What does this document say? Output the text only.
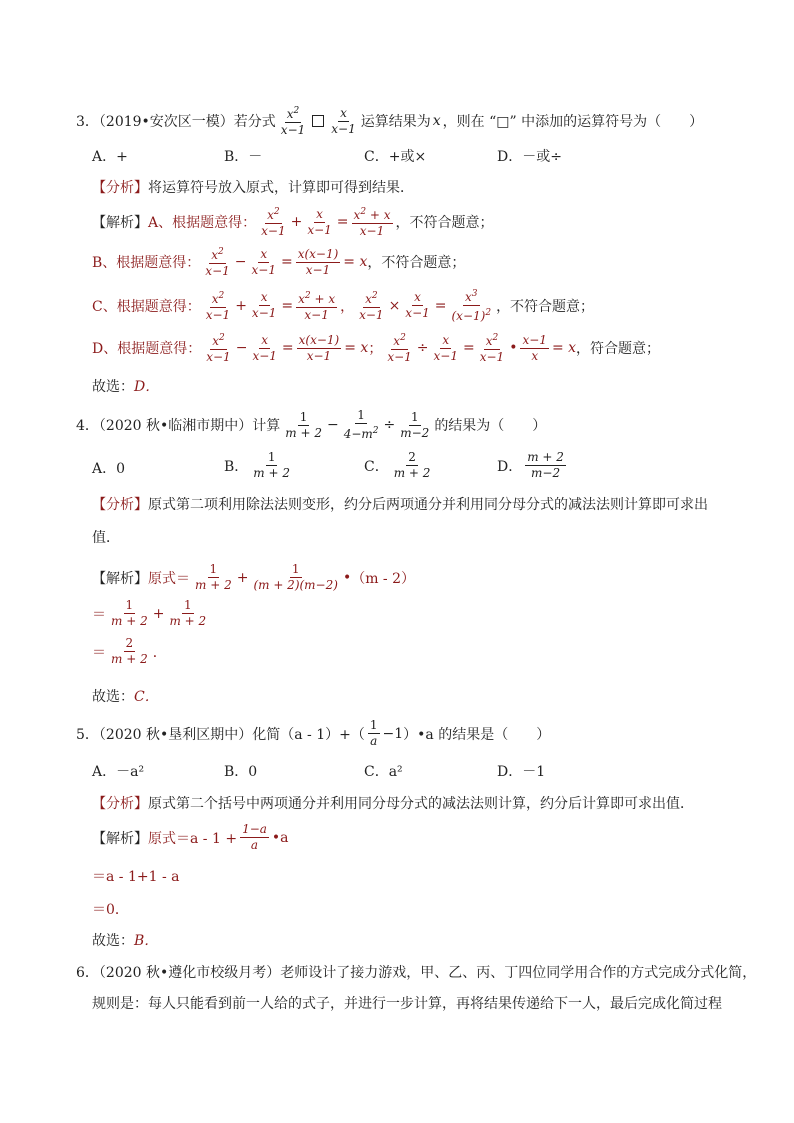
3．（2019•安次区一模）若分式 $\frac{x^2}{x-1} \frac{x}{x-1}$ 运算结果为 x ，则在 “□” 中添加的运算符号为（　　）
A．+	B．－	C．+或×	D．－或÷
【分析】 将运算符号放入原式，计算即可得到结果．
【解析】 A、根据题意得： $\frac{x^2}{x-1} + \frac{x}{x-1} = \frac{x^2 + x}{x-1}$ ，不符合题意；
B、根据题意得： $\frac{x^2}{x-1} - \frac{x}{x-1} = \frac{x(x-1)}{x-1} = x$ ，不符合题意；
C、根据题意得： $\frac{x^2}{x-1} + \frac{x}{x-1} = \frac{x^2 + x}{x-1}$ ， $\frac{x^2}{x-1} \times \frac{x}{x-1} = \frac{x^3}{(x-1)^2}$ ，不符合题意；
D、根据题意得： $\frac{x^2}{x-1} - \frac{x}{x-1} = \frac{x(x-1)}{x-1} = x$ ； $\frac{x^2}{x-1} \div \frac{x}{x-1} = \frac{x^2}{x-1}$ • $\frac{x-1}{x} = x$ ，符合题意；
故选： D．
4．（2020 秋•临湘市期中）计算 $\frac{1}{m + 2} - \frac{1}{4-m^2} \div \frac{1}{m-2}$ 的结果为（　　）
A．0	B． $\frac{1}{m + 2}$	C． $\frac{2}{m + 2}$	D． $\frac{m + 2}{m-2}$
【分析】 原式第二项利用除法法则变形，约分后两项通分并利用同分母分式的减法法则计算即可求出
值．
【解析】 原式＝ $\frac{1}{m + 2} + \frac{1}{(m + 2)(m-2)}$ • （m - 2）
＝ $\frac{1}{m + 2} + \frac{1}{m + 2}$
＝ $\frac{2}{m + 2}$ ．
故选： C．
5．（2020 秋•垦利区期中）化简$(a - 1)+( \frac{1}{a} -1$ ）•a 的结果是（　　）
A．－a²	B．0	C．a²	D．－1
【分析】 原式第二个括号中两项通分并利用同分母分式的减法法则计算，约分后计算即可求出值．
【解析】 原式$=a - 1 + \frac{1-a}{a}$ •a
＝a - 1+1 - a
＝0．
故选： B．
6．（2020 秋•遵化市校级月考）老师设计了接力游戏，甲、乙、丙、丁四位同学用合作的方式完成分式化简，
规则是：每人只能看到前一人给的式子，并进行一步计算，再将结果传递给下一人，最后完成化简过程
